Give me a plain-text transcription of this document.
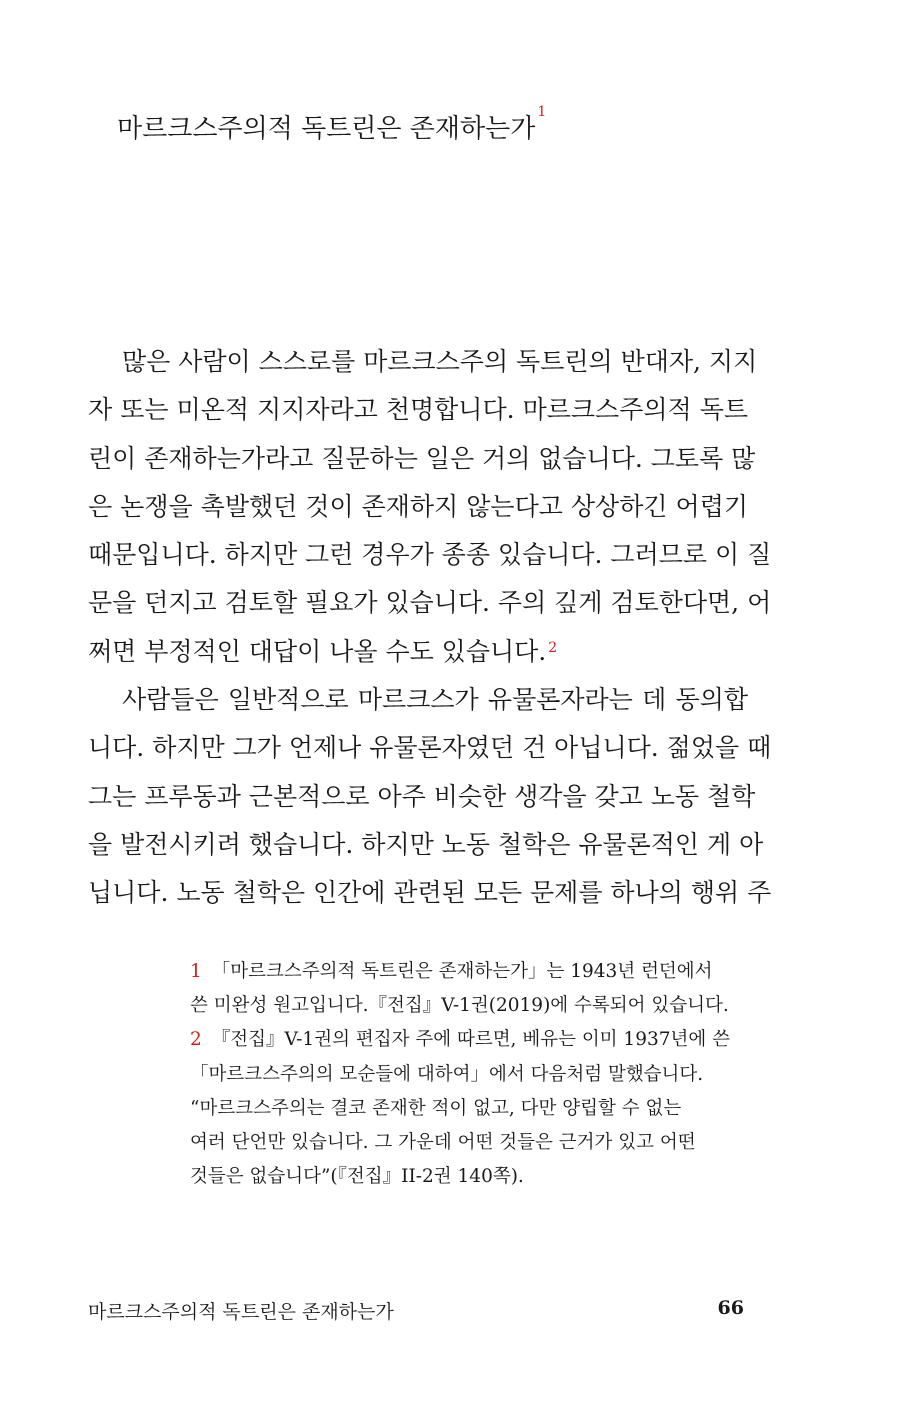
마르크스주의적 독트린은 존재하는가$^1$
많은 사람이 스스로를 마르크스주의 독트린의 반대자, 지지
자 또는 미온적 지지자라고 천명합니다. 마르크스주의적 독트
린이 존재하는가라고 질문하는 일은 거의 없습니다. 그토록 많
은 논쟁을 촉발했던 것이 존재하지 않는다고 상상하긴 어렵기
때문입니다. 하지만 그런 경우가 종종 있습니다. 그러므로 이 질
문을 던지고 검토할 필요가 있습니다. 주의 깊게 검토한다면, 어
쩌면 부정적인 대답이 나올 수도 있습니다. $^2$
사람들은 일반적으로 마르크스가 유물론자라는 데 동의합
니다. 하지만 그가 언제나 유물론자였던 건 아닙니다. 젊었을 때
그는 프루동과 근본적으로 아주 비슷한 생각을 갖고 노동 철학
을 발전시키려 했습니다. 하지만 노동 철학은 유물론적인 게 아
닙니다. 노동 철학은 인간에 관련된 모든 문제를 하나의 행위 주
1 「마르크스주의적 독트린은 존재하는가」는 1943년 런던에서
쓴 미완성 원고입니다.『전집』V-1권(2019)에 수록되어 있습니다.
2 『전집』V-1권의 편집자 주에 따르면, 베유는 이미 1937년에 쓴
「마르크스주의의 모순들에 대하여」에서 다음처럼 말했습니다.
“마르크스주의는 결코 존재한 적이 없고, 다만 양립할 수 없는
여러 단언만 있습니다. 그 가운데 어떤 것들은 근거가 있고 어떤
것들은 없습니다”(『전집』II-2권 140쪽).
마르크스주의적 독트린은 존재하는가	66
